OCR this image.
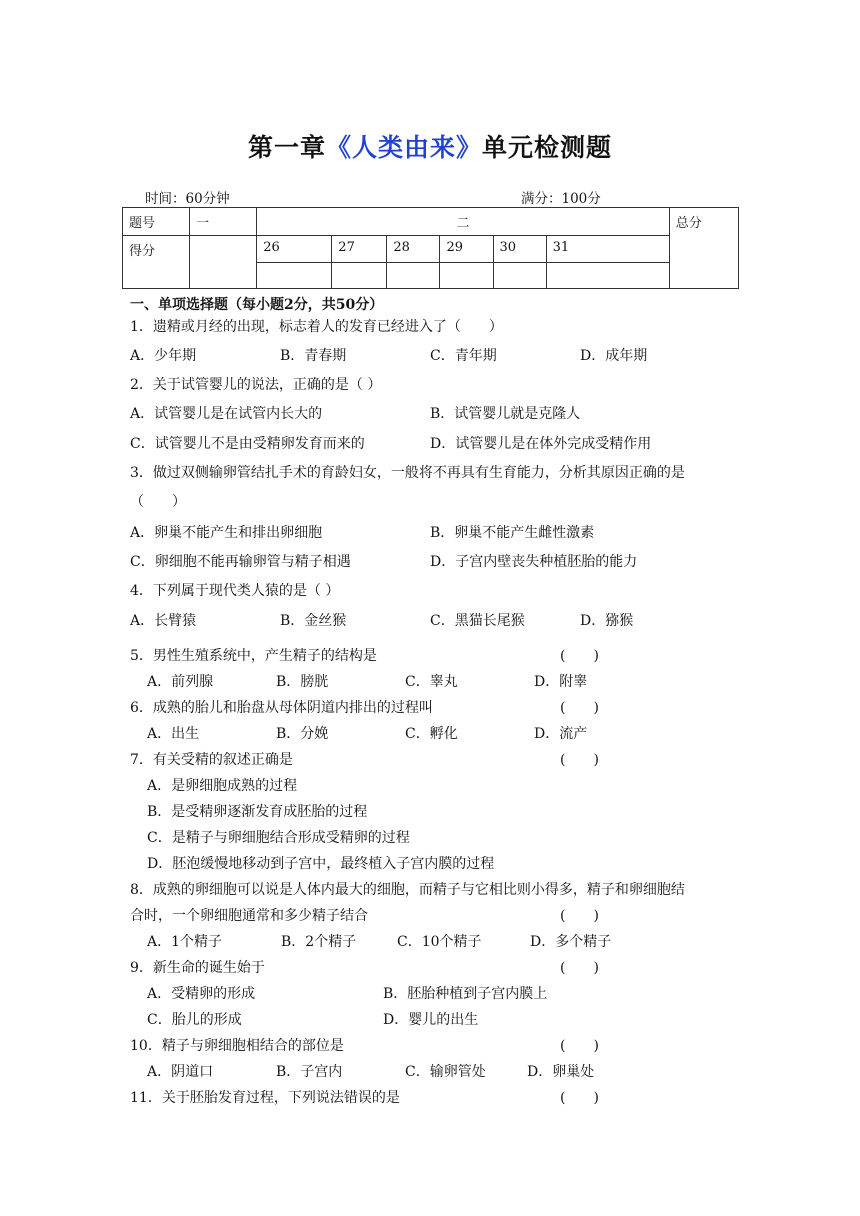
第一章《人类由来》单元检测题
时间：60分钟	满分：100分
题号	一	二						总分
得分		26	27	28	29	30	31	

一、单项选择题（每小题2分，共50分）
1．遗精或月经的出现，标志着人的发育已经进入了（　　）
A．少年期	B．青春期	C．青年期	D．成年期
2．关于试管婴儿的说法，正确的是（ ）
A．试管婴儿是在试管内长大的	B．试管婴儿就是克隆人
C．试管婴儿不是由受精卵发育而来的	D．试管婴儿是在体外完成受精作用
3．做过双侧输卵管结扎手术的育龄妇女，一般将不再具有生育能力，分析其原因正确的是
（　　）
A．卵巢不能产生和排出卵细胞	B．卵巢不能产生雌性激素
C．卵细胞不能再输卵管与精子相遇	D．子宫内壁丧失种植胚胎的能力
4．下列属于现代类人猿的是（ ）
A．长臂猿	B．金丝猴	C．黑猫长尾猴	D．猕猴
5．男性生殖系统中，产生精子的结构是	(　　)
A．前列腺	B．膀胱	C．睾丸	D．附睾
6．成熟的胎儿和胎盘从母体阴道内排出的过程叫	(　　)
A．出生	B．分娩	C．孵化	D．流产
7．有关受精的叙述正确是	(　　)
A．是卵细胞成熟的过程
B．是受精卵逐渐发育成胚胎的过程
C．是精子与卵细胞结合形成受精卵的过程
D．胚泡缓慢地移动到子宫中，最终植入子宫内膜的过程
8．成熟的卵细胞可以说是人体内最大的细胞，而精子与它相比则小得多，精子和卵细胞结
合时，一个卵细胞通常和多少精子结合	(　　)
A．1个精子	B．2个精子	C．10个精子	D．多个精子
9．新生命的诞生始于	(　　)
A．受精卵的形成	B．胚胎种植到子宫内膜上
C．胎儿的形成	D．婴儿的出生
10．精子与卵细胞相结合的部位是	(　　)
A．阴道口	B．子宫内	C．输卵管处	D．卵巢处
11．关于胚胎发育过程，下列说法错误的是	(　　)
